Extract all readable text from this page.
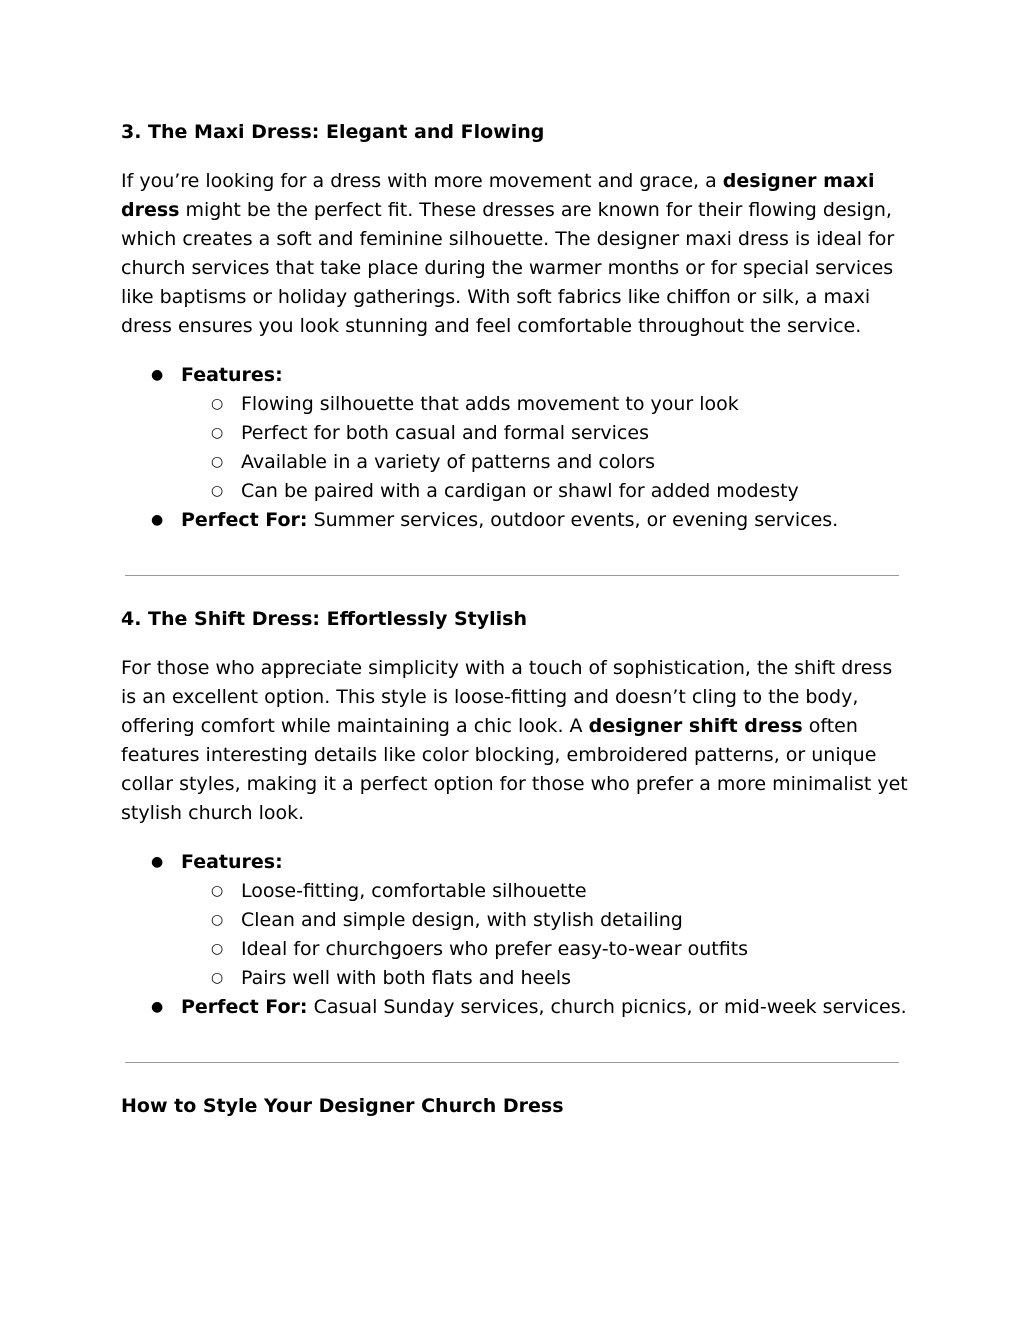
3. The Maxi Dress: Elegant and Flowing

If you’re looking for a dress with more movement and grace, a designer maxi dress might be the perfect fit. These dresses are known for their flowing design, which creates a soft and feminine silhouette. The designer maxi dress is ideal for church services that take place during the warmer months or for special services like baptisms or holiday gatherings. With soft fabrics like chiffon or silk, a maxi dress ensures you look stunning and feel comfortable throughout the service.

● Features:
○ Flowing silhouette that adds movement to your look
○ Perfect for both casual and formal services
○ Available in a variety of patterns and colors
○ Can be paired with a cardigan or shawl for added modesty
● Perfect For: Summer services, outdoor events, or evening services.
4. The Shift Dress: Effortlessly Stylish

For those who appreciate simplicity with a touch of sophistication, the shift dress is an excellent option. This style is loose-fitting and doesn’t cling to the body, offering comfort while maintaining a chic look. A designer shift dress often features interesting details like color blocking, embroidered patterns, or unique collar styles, making it a perfect option for those who prefer a more minimalist yet stylish church look.

● Features:
○ Loose-fitting, comfortable silhouette
○ Clean and simple design, with stylish detailing
○ Ideal for churchgoers who prefer easy-to-wear outfits
○ Pairs well with both flats and heels
● Perfect For: Casual Sunday services, church picnics, or mid-week services.
How to Style Your Designer Church Dress
